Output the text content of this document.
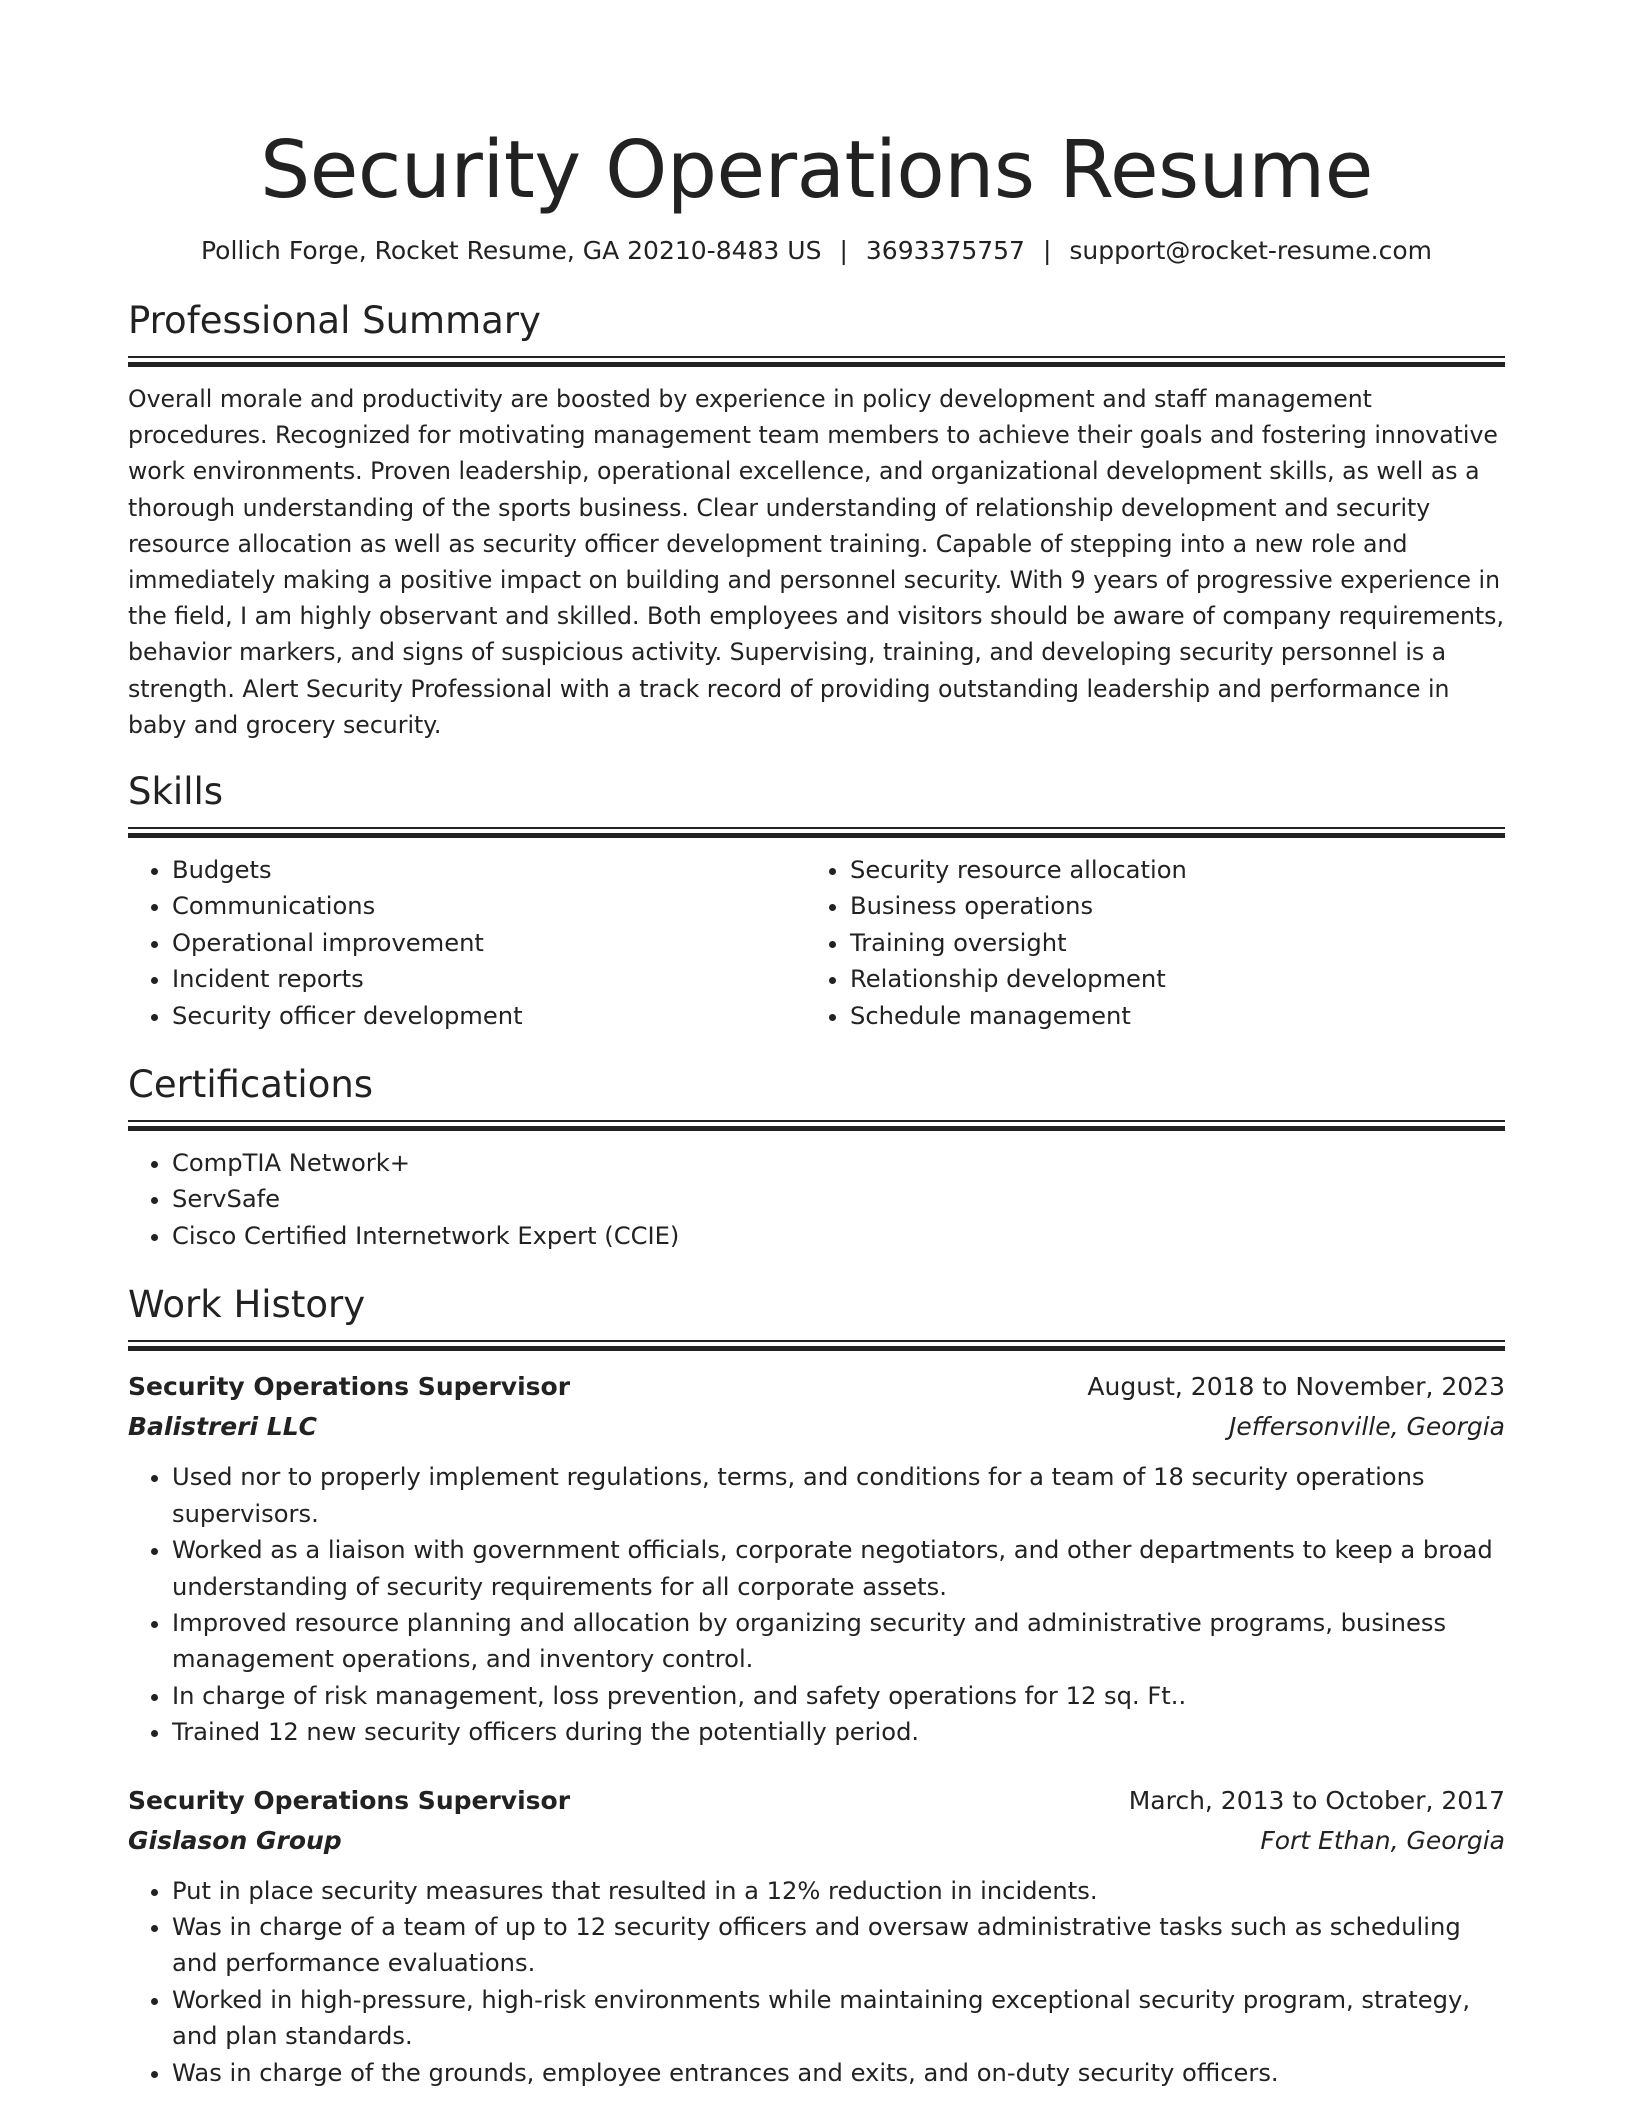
Security Operations Resume
Pollich Forge, Rocket Resume, GA 20210-8483 US | 3693375757 | support@rocket-resume.com
Professional Summary

Overall morale and productivity are boosted by experience in policy development and staff management procedures. Recognized for motivating management team members to achieve their goals and fostering innovative work environments. Proven leadership, operational excellence, and organizational development skills, as well as a thorough understanding of the sports business. Clear understanding of relationship development and security resource allocation as well as security officer development training. Capable of stepping into a new role and immediately making a positive impact on building and personnel security. With 9 years of progressive experience in the field, I am highly observant and skilled. Both employees and visitors should be aware of company requirements, behavior markers, and signs of suspicious activity. Supervising, training, and developing security personnel is a strength. Alert Security Professional with a track record of providing outstanding leadership and performance in baby and grocery security.

Skills
• Budgets
• Communications
• Operational improvement
• Incident reports
• Security officer development
• Security resource allocation
• Business operations
• Training oversight
• Relationship development
• Schedule management
Certifications
• CompTIA Network+
• ServSafe
• Cisco Certified Internetwork Expert (CCIE)
Work History
Security Operations Supervisor	August, 2018 to November, 2023
Balistreri LLC	Jeffersonville, Georgia
• Used nor to properly implement regulations, terms, and conditions for a team of 18 security operations supervisors.
• Worked as a liaison with government officials, corporate negotiators, and other departments to keep a broad understanding of security requirements for all corporate assets.
• Improved resource planning and allocation by organizing security and administrative programs, business management operations, and inventory control.
• In charge of risk management, loss prevention, and safety operations for 12 sq. Ft..
• Trained 12 new security officers during the potentially period.
Security Operations Supervisor	March, 2013 to October, 2017
Gislason Group	Fort Ethan, Georgia
• Put in place security measures that resulted in a 12% reduction in incidents.
• Was in charge of a team of up to 12 security officers and oversaw administrative tasks such as scheduling and performance evaluations.
• Worked in high-pressure, high-risk environments while maintaining exceptional security program, strategy, and plan standards.
• Was in charge of the grounds, employee entrances and exits, and on-duty security officers.
